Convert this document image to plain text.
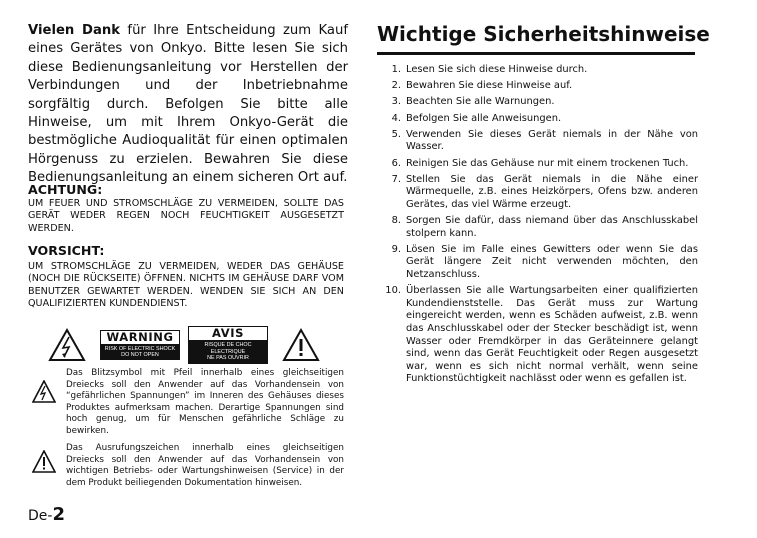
Vielen Dank für Ihre Entscheidung zum Kauf eines Gerätes von Onkyo. Bitte lesen Sie sich diese Bedienungsanleitung vor Herstellen der Verbindungen und der Inbetriebnahme sorgfältig durch. Befolgen Sie bitte alle Hinweise, um mit Ihrem Onkyo-Gerät die bestmögliche Audioqualität für einen optimalen Hörgenuss zu erzielen. Bewahren Sie diese Bedienungsanleitung an einem sicheren Ort auf.
ACHTUNG:
UM FEUER UND STROMSCHLÄGE ZU VERMEIDEN, SOLLTE DAS GERÄT WEDER REGEN NOCH FEUCHTIGKEIT AUSGESETZT WERDEN.
VORSICHT:
UM STROMSCHLÄGE ZU VERMEIDEN, WEDER DAS GEHÄUSE (NOCH DIE RÜCKSEITE) ÖFFNEN. NICHTS IM GEHÄUSE DARF VOM BENUTZER GEWARTET WERDEN. WENDEN SIE SICH AN DEN QUALIFIZIERTEN KUNDENDIENST.
WARNING
RISK OF ELECTRIC SHOCK
DO NOT OPEN
AVIS
RISQUE DE CHOC ELECTRIQUE
NE PAS OUVRIR
Das Blitzsymbol mit Pfeil innerhalb eines gleichseitigen Dreiecks soll den Anwender auf das Vorhandensein von “gefährlichen Spannungen” im Inneren des Gehäuses dieses Produktes aufmerksam machen. Derartige Spannungen sind hoch genug, um für Menschen gefährliche Schläge zu bewirken.
Das Ausrufungszeichen innerhalb eines gleichseitigen Dreiecks soll den Anwender auf das Vorhandensein von wichtigen Betriebs- oder Wartungshinweisen (Service) in der dem Produkt beiliegenden Dokumentation hinweisen.
De-2
Wichtige Sicherheitshinweise
1. Lesen Sie sich diese Hinweise durch.
2. Bewahren Sie diese Hinweise auf.
3. Beachten Sie alle Warnungen.
4. Befolgen Sie alle Anweisungen.
5. Verwenden Sie dieses Gerät niemals in der Nähe von Wasser.
6. Reinigen Sie das Gehäuse nur mit einem trockenen Tuch.
7. Stellen Sie das Gerät niemals in die Nähe einer Wärmequelle, z.B. eines Heizkörpers, Ofens bzw. anderen Gerätes, das viel Wärme erzeugt.
8. Sorgen Sie dafür, dass niemand über das Anschlusskabel stolpern kann.
9. Lösen Sie im Falle eines Gewitters oder wenn Sie das Gerät längere Zeit nicht verwenden möchten, den Netzanschluss.
10. Überlassen Sie alle Wartungsarbeiten einer qualifizierten Kundendienststelle. Das Gerät muss zur Wartung eingereicht werden, wenn es Schäden aufweist, z.B. wenn das Anschlusskabel oder der Stecker beschädigt ist, wenn Wasser oder Fremdkörper in das Geräteinnere gelangt sind, wenn das Gerät Feuchtigkeit oder Regen ausgesetzt war, wenn es sich nicht normal verhält, wenn seine Funktionstüchtigkeit nachlässt oder wenn es gefallen ist.
